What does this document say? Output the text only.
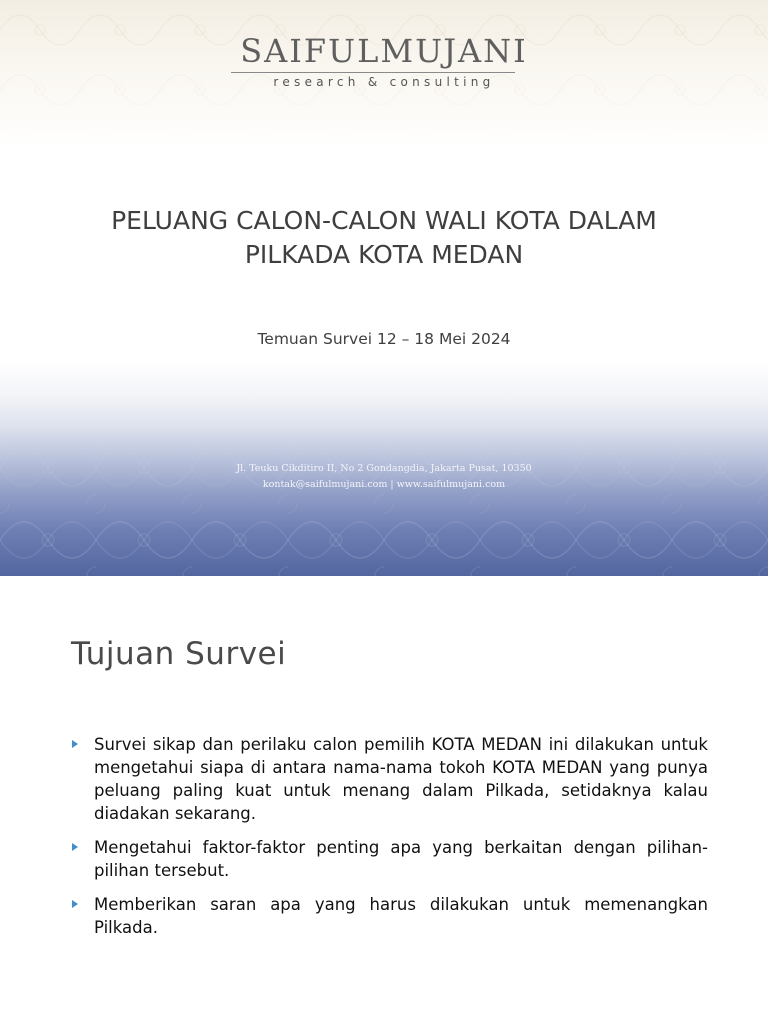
SAIFULMUJANI
research & consulting
PELUANG CALON-CALON WALI KOTA DALAM
PILKADA KOTA MEDAN
Temuan Survei 12 – 18 Mei 2024
Jl. Teuku Cikditiro II, No 2 Gondangdia, Jakarta Pusat, 10350
kontak@saifulmujani.com | www.saifulmujani.com
Tujuan Survei
Survei sikap dan perilaku calon pemilih KOTA MEDAN ini dilakukan untuk mengetahui siapa di antara nama-nama tokoh KOTA MEDAN yang punya peluang paling kuat untuk menang dalam Pilkada, setidaknya kalau diadakan sekarang.
Mengetahui faktor-faktor penting apa yang berkaitan dengan pilihan-pilihan tersebut.
Memberikan saran apa yang harus dilakukan untuk memenangkan Pilkada.
